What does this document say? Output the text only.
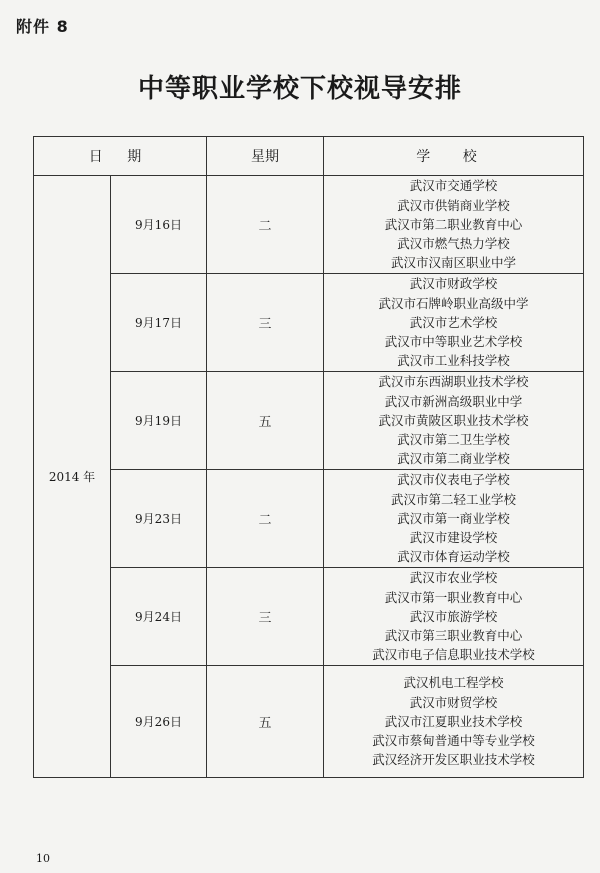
附件 8
中等职业学校下校视导安排
日 期		星期	学 校
2014 年	9月16日	二	武汉市交通学校
武汉市供销商业学校
武汉市第二职业教育中心
武汉市燃气热力学校
武汉市汉南区职业中学

	9月17日	三	武汉市财政学校
武汉市石牌岭职业高级中学
武汉市艺术学校
武汉市中等职业艺术学校
武汉市工业科技学校

	9月19日	五	武汉市东西湖职业技术学校
武汉市新洲高级职业中学
武汉市黄陂区职业技术学校
武汉市第二卫生学校
武汉市第二商业学校

	9月23日	二	武汉市仪表电子学校
武汉市第二轻工业学校
武汉市第一商业学校
武汉市建设学校
武汉市体育运动学校

	9月24日	三	武汉市农业学校
武汉市第一职业教育中心
武汉市旅游学校
武汉市第三职业教育中心
武汉市电子信息职业技术学校

	9月26日	五	武汉机电工程学校
武汉市财贸学校
武汉市江夏职业技术学校
武汉市蔡甸普通中等专业学校
武汉经济开发区职业技术学校
10
